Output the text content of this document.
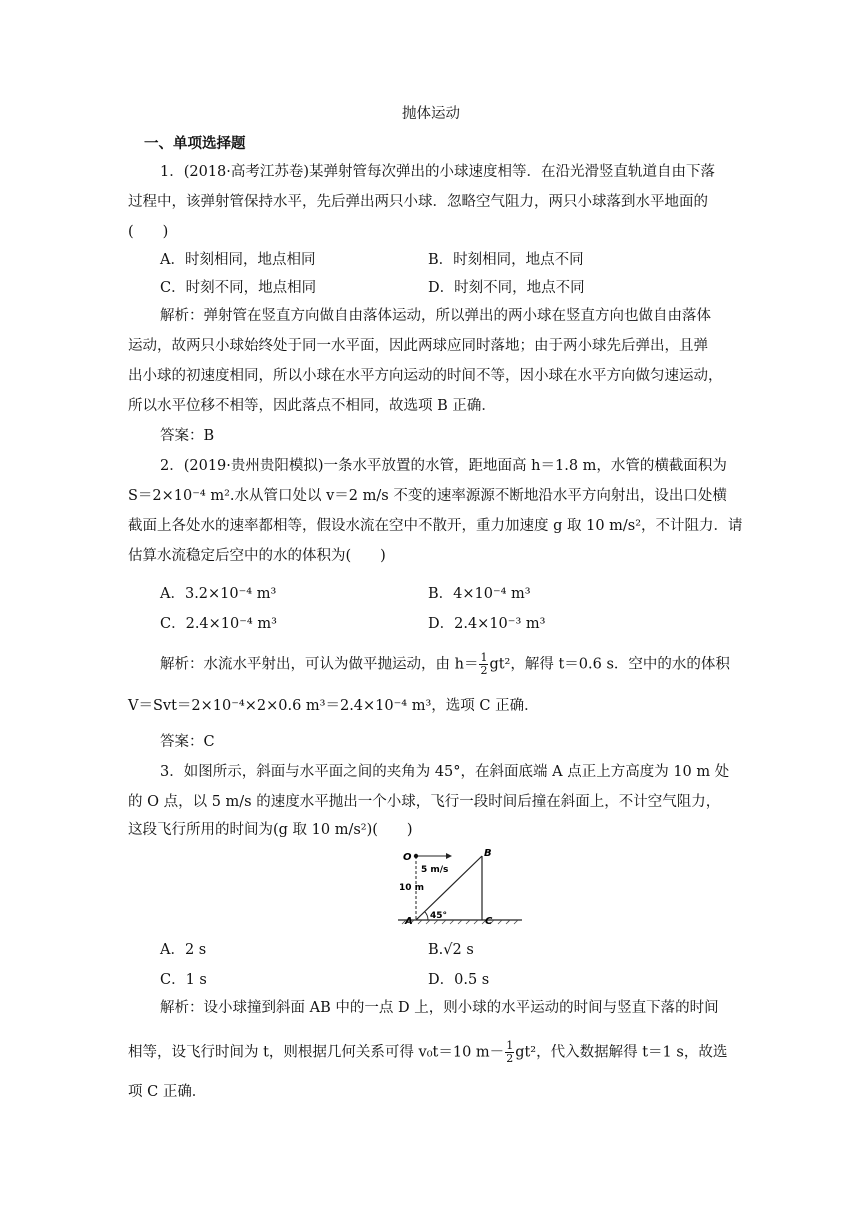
抛体运动
一、单项选择题
1．(2018·高考江苏卷)某弹射管每次弹出的小球速度相等．在沿光滑竖直轨道自由下落
过程中，该弹射管保持水平，先后弹出两只小球．忽略空气阻力，两只小球落到水平地面的
(　　)
A．时刻相同，地点相同	B．时刻相同，地点不同
C．时刻不同，地点相同	D．时刻不同，地点不同
解析：弹射管在竖直方向做自由落体运动，所以弹出的两小球在竖直方向也做自由落体
运动，故两只小球始终处于同一水平面，因此两球应同时落地；由于两小球先后弹出，且弹
出小球的初速度相同，所以小球在水平方向运动的时间不等，因小球在水平方向做匀速运动，
所以水平位移不相等，因此落点不相同，故选项 B 正确．
答案：B
2．(2019·贵州贵阳模拟)一条水平放置的水管，距地面高 h＝1.8 m，水管的横截面积为
S＝2×10⁻⁴ m².水从管口处以 v＝2 m/s 不变的速率源源不断地沿水平方向射出，设出口处横
截面上各处水的速率都相等，假设水流在空中不散开，重力加速度 g 取 10 m/s²，不计阻力．请
估算水流稳定后空中的水的体积为(　　)
A．3.2×10⁻⁴ m³	B．4×10⁻⁴ m³
C．2.4×10⁻⁴ m³	D．2.4×10⁻³ m³
解析：水流水平射出，可认为做平抛运动，由 $h= \frac{1}{2} gt^2$，解得 t＝0.6 s．空中的水的体积
V＝Svt＝2×10⁻⁴×2×0.6 m³＝2.4×10⁻⁴ m³，选项 C 正确．
答案：C
3．如图所示，斜面与水平面之间的夹角为 45°，在斜面底端 A 点正上方高度为 10 m 处
的 O 点，以 5 m/s 的速度水平抛出一个小球，飞行一段时间后撞在斜面上，不计空气阻力，
这段飞行所用的时间为(g 取 10 m/s²)(　　)
O	B
A	C
5 m/s
10 m
45°
A．2 s	B.√2 s
C．1 s	D．0.5 s
解析：设小球撞到斜面 AB 中的一点 D 上，则小球的水平运动的时间与竖直下落的时间
相等，设飞行时间为 t，则根据几何关系可得 v₀t＝10 $m- \frac{1}{2} gt^2$，代入数据解得 t＝1 s，故选
项 C 正确．
